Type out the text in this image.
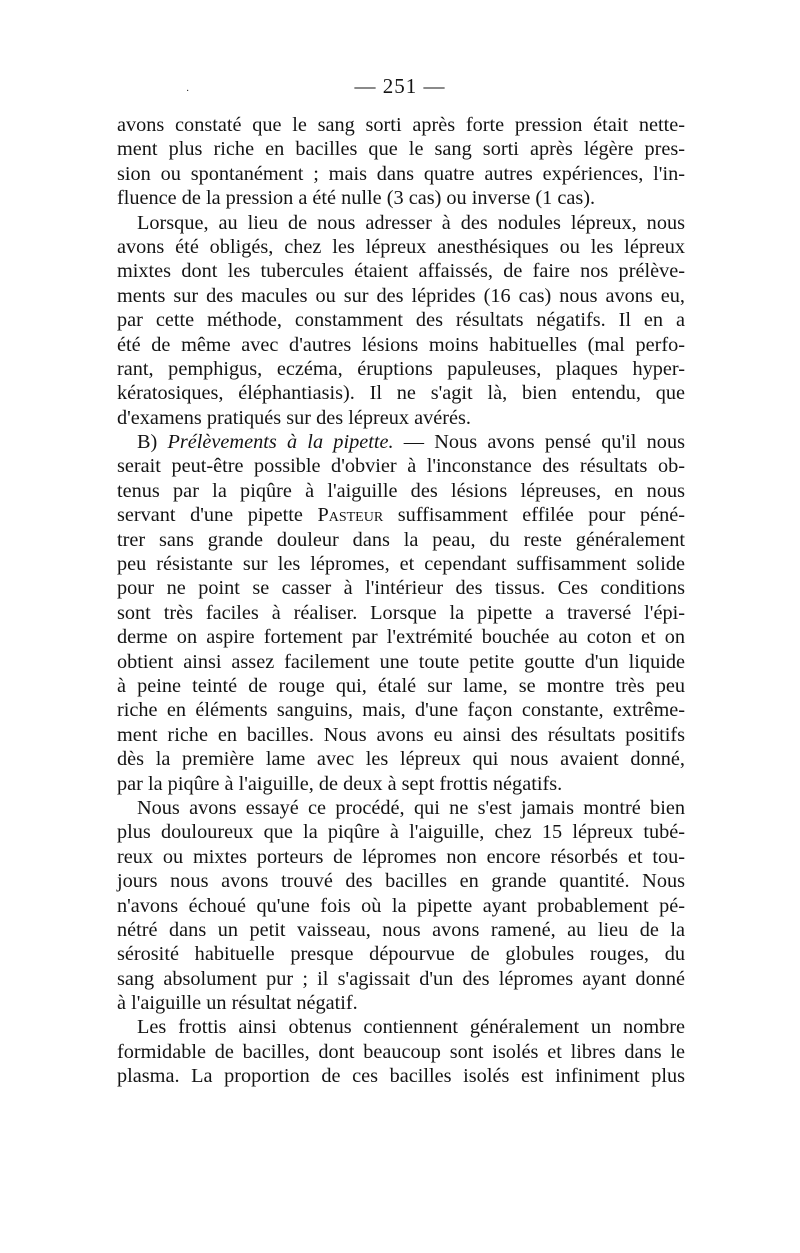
— 251 —
·
avons constaté que le sang sorti après forte pression était nette-
ment plus riche en bacilles que le sang sorti après légère pres-
sion ou spontanément ; mais dans quatre autres expériences, l'in-
fluence de la pression a été nulle (3 cas) ou inverse (1 cas).
Lorsque, au lieu de nous adresser à des nodules lépreux, nous
avons été obligés, chez les lépreux anesthésiques ou les lépreux
mixtes dont les tubercules étaient affaissés, de faire nos prélève-
ments sur des macules ou sur des léprides (16 cas) nous avons eu,
par cette méthode, constamment des résultats négatifs. Il en a
été de même avec d'autres lésions moins habituelles (mal perfo-
rant, pemphigus, eczéma, éruptions papuleuses, plaques hyper-
kératosiques, éléphantiasis). Il ne s'agit là, bien entendu, que
d'examens pratiqués sur des lépreux avérés.
B) Prélèvements à la pipette. — Nous avons pensé qu'il nous
serait peut-être possible d'obvier à l'inconstance des résultats ob-
tenus par la piqûre à l'aiguille des lésions lépreuses, en nous
servant d'une pipette Pasteur suffisamment effilée pour péné-
trer sans grande douleur dans la peau, du reste généralement
peu résistante sur les lépromes, et cependant suffisamment solide
pour ne point se casser à l'intérieur des tissus. Ces conditions
sont très faciles à réaliser. Lorsque la pipette a traversé l'épi-
derme on aspire fortement par l'extrémité bouchée au coton et on
obtient ainsi assez facilement une toute petite goutte d'un liquide
à peine teinté de rouge qui, étalé sur lame, se montre très peu
riche en éléments sanguins, mais, d'une façon constante, extrême-
ment riche en bacilles. Nous avons eu ainsi des résultats positifs
dès la première lame avec les lépreux qui nous avaient donné,
par la piqûre à l'aiguille, de deux à sept frottis négatifs.
Nous avons essayé ce procédé, qui ne s'est jamais montré bien
plus douloureux que la piqûre à l'aiguille, chez 15 lépreux tubé-
reux ou mixtes porteurs de lépromes non encore résorbés et tou-
jours nous avons trouvé des bacilles en grande quantité. Nous
n'avons échoué qu'une fois où la pipette ayant probablement pé-
nétré dans un petit vaisseau, nous avons ramené, au lieu de la
sérosité habituelle presque dépourvue de globules rouges, du
sang absolument pur ; il s'agissait d'un des lépromes ayant donné
à l'aiguille un résultat négatif.
Les frottis ainsi obtenus contiennent généralement un nombre
formidable de bacilles, dont beaucoup sont isolés et libres dans le
plasma. La proportion de ces bacilles isolés est infiniment plus
